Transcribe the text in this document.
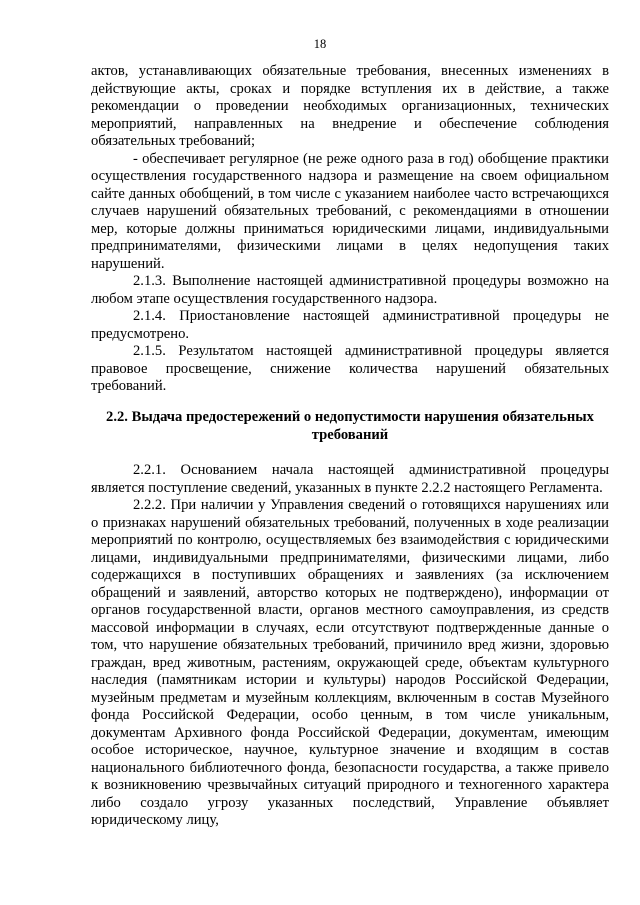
18

актов, устанавливающих обязательные требования, внесенных изменениях в действующие акты, сроках и порядке вступления их в действие, а также рекомендации о проведении необходимых организационных, технических мероприятий, направленных на внедрение и обеспечение соблюдения обязательных требований;

- обеспечивает регулярное (не реже одного раза в год) обобщение практики осуществления государственного надзора и размещение на своем официальном сайте данных обобщений, в том числе с указанием наиболее часто встречающихся случаев нарушений обязательных требований, с рекомендациями в отношении мер, которые должны приниматься юридическими лицами, индивидуальными предпринимателями, физическими лицами в целях недопущения таких нарушений.

2.1.3. Выполнение настоящей административной процедуры возможно на любом этапе осуществления государственного надзора.

2.1.4. Приостановление настоящей административной процедуры не предусмотрено.

2.1.5. Результатом настоящей административной процедуры является правовое просвещение, снижение количества нарушений обязательных требований.

2.2. Выдача предостережений о недопустимости нарушения обязательных требований

2.2.1. Основанием начала настоящей административной процедуры является поступление сведений, указанных в пункте 2.2.2 настоящего Регламента.

2.2.2. При наличии у Управления сведений о готовящихся нарушениях или о признаках нарушений обязательных требований, полученных в ходе реализации мероприятий по контролю, осуществляемых без взаимодействия с юридическими лицами, индивидуальными предпринимателями, физическими лицами, либо содержащихся в поступивших обращениях и заявлениях (за исключением обращений и заявлений, авторство которых не подтверждено), информации от органов государственной власти, органов местного самоуправления, из средств массовой информации в случаях, если отсутствуют подтвержденные данные о том, что нарушение обязательных требований, причинило вред жизни, здоровью граждан, вред животным, растениям, окружающей среде, объектам культурного наследия (памятникам истории и культуры) народов Российской Федерации, музейным предметам и музейным коллекциям, включенным в состав Музейного фонда Российской Федерации, особо ценным, в том числе уникальным, документам Архивного фонда Российской Федерации, документам, имеющим особое историческое, научное, культурное значение и входящим в состав национального библиотечного фонда, безопасности государства, а также привело к возникновению чрезвычайных ситуаций природного и техногенного характера либо создало угрозу указанных последствий, Управление объявляет юридическому лицу,
